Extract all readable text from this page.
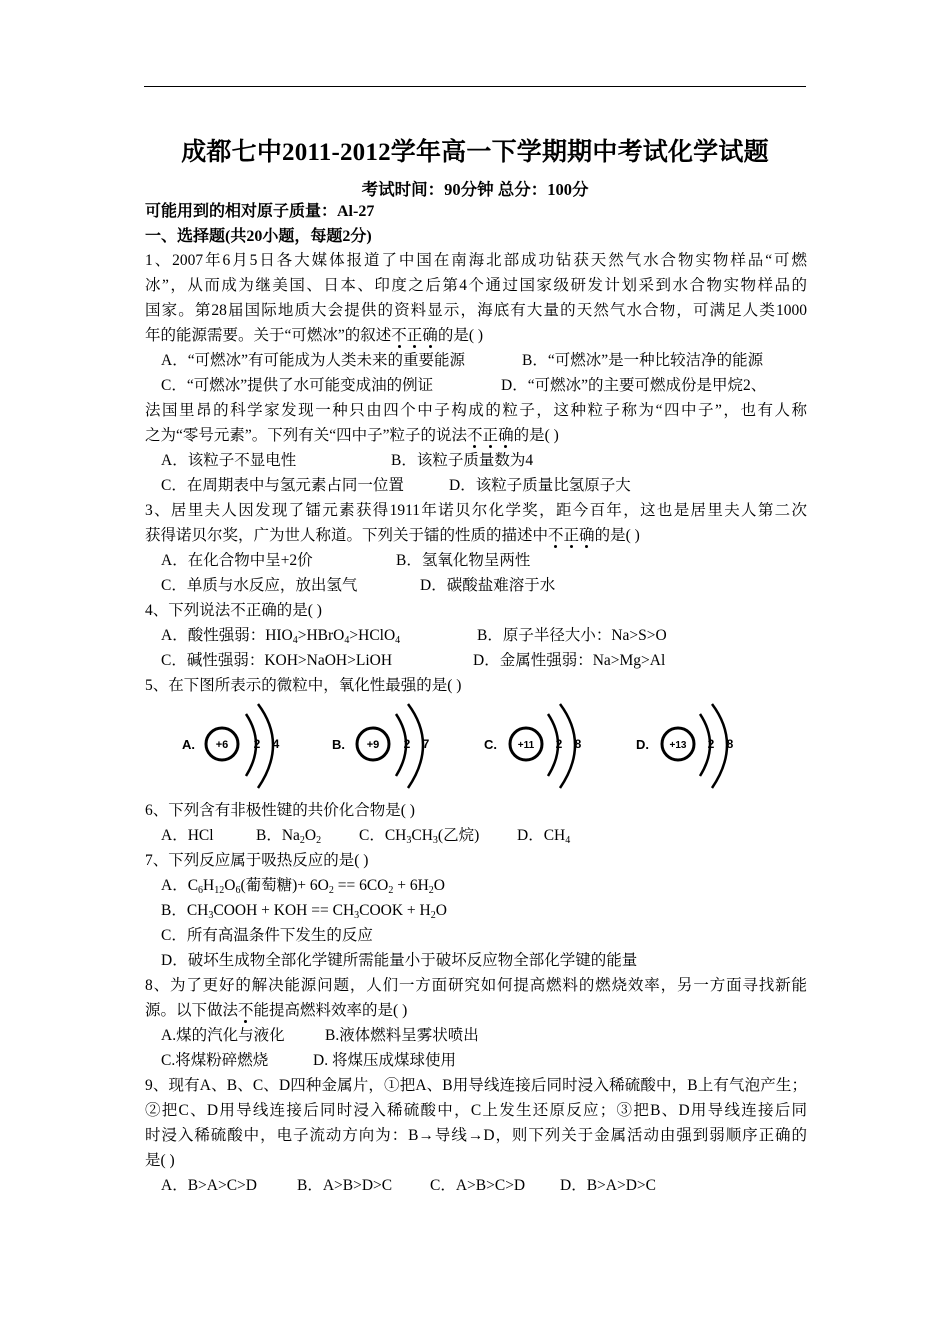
成都七中2011-2012学年高一下学期期中考试化学试题
考试时间：90分钟 总分：100分
可能用到的相对原子质量：Al-27
一、选择题(共20小题，每题2分)
1、2007年6月5日各大媒体报道了中国在南海北部成功钻获天然气水合物实物样品“可燃
冰”，从而成为继美国、日本、印度之后第4个通过国家级研发计划采到水合物实物样品的
国家。第28届国际地质大会提供的资料显示，海底有大量的天然气水合物，可满足人类1000
年的能源需要。关于“可燃冰”的叙述不正确的是( )
A．“可燃冰”有可能成为人类未来的重要能源	B．“可燃冰”是一种比较洁净的能源
C．“可燃冰”提供了水可能变成油的例证	D．“可燃冰”的主要可燃成份是甲烷2、
法国里昂的科学家发现一种只由四个中子构成的粒子，这种粒子称为“四中子”，也有人称
之为“零号元素”。下列有关“四中子”粒子的说法不正确的是( )
A．该粒子不显电性	B．该粒子质量数为4
C．在周期表中与氢元素占同一位置	D．该粒子质量比氢原子大
3、居里夫人因发现了镭元素获得1911年诺贝尔化学奖，距今百年，这也是居里夫人第二次
获得诺贝尔奖，广为世人称道。下列关于镭的性质的描述中不正确的是( )
A．在化合物中呈+2价	B．氢氧化物呈两性
C．单质与水反应，放出氢气	D．碳酸盐难溶于水
4、下列说法不正确的是( )
A．酸性强弱：$HIO_4>HBrO_4>HClO_4$	B．原子半径大小：Na>S>O
C．碱性强弱：KOH>NaOH>LiOH	D．金属性强弱：Na>Mg>Al
5、在下图所表示的微粒中，氧化性最强的是( )
A. +6 2 4	B. +9 2 7	C. +11 2 8	D. +13 2 8
6、下列含有非极性键的共价化合物是( )
A．HCl	B．$Na_2O_2$ C．$CH_3CH_3$(乙烷) D．$CH_4$
7、下列反应属于吸热反应的是( )
A．$C_6H_{12}O_6$(葡萄糖)+ $6O_2 == 6CO_2 + 6H_2O$
B．$CH_3COOH$ + KOH == $CH_3COOK + H_2O$
C．所有高温条件下发生的反应
D．破坏生成物全部化学键所需能量小于破坏反应物全部化学键的能量
8、为了更好的解决能源问题，人们一方面研究如何提高燃料的燃烧效率，另一方面寻找新能
源。以下做法不能提高燃料效率的是( )
A.煤的汽化与液化	B.液体燃料呈雾状喷出
C.将煤粉碎燃烧	D. 将煤压成煤球使用
9、现有A、B、C、D四种金属片，①把A、B用导线连接后同时浸入稀硫酸中，B上有气泡产生；
②把C、D用导线连接后同时浸入稀硫酸中，C上发生还原反应；③把B、D用导线连接后同
时浸入稀硫酸中，电子流动方向为：B→导线→D，则下列关于金属活动由强到弱顺序正确的
是( )
A．B>A>C>D	B．A>B>D>C C．A>B>C>D D．B>A>D>C
